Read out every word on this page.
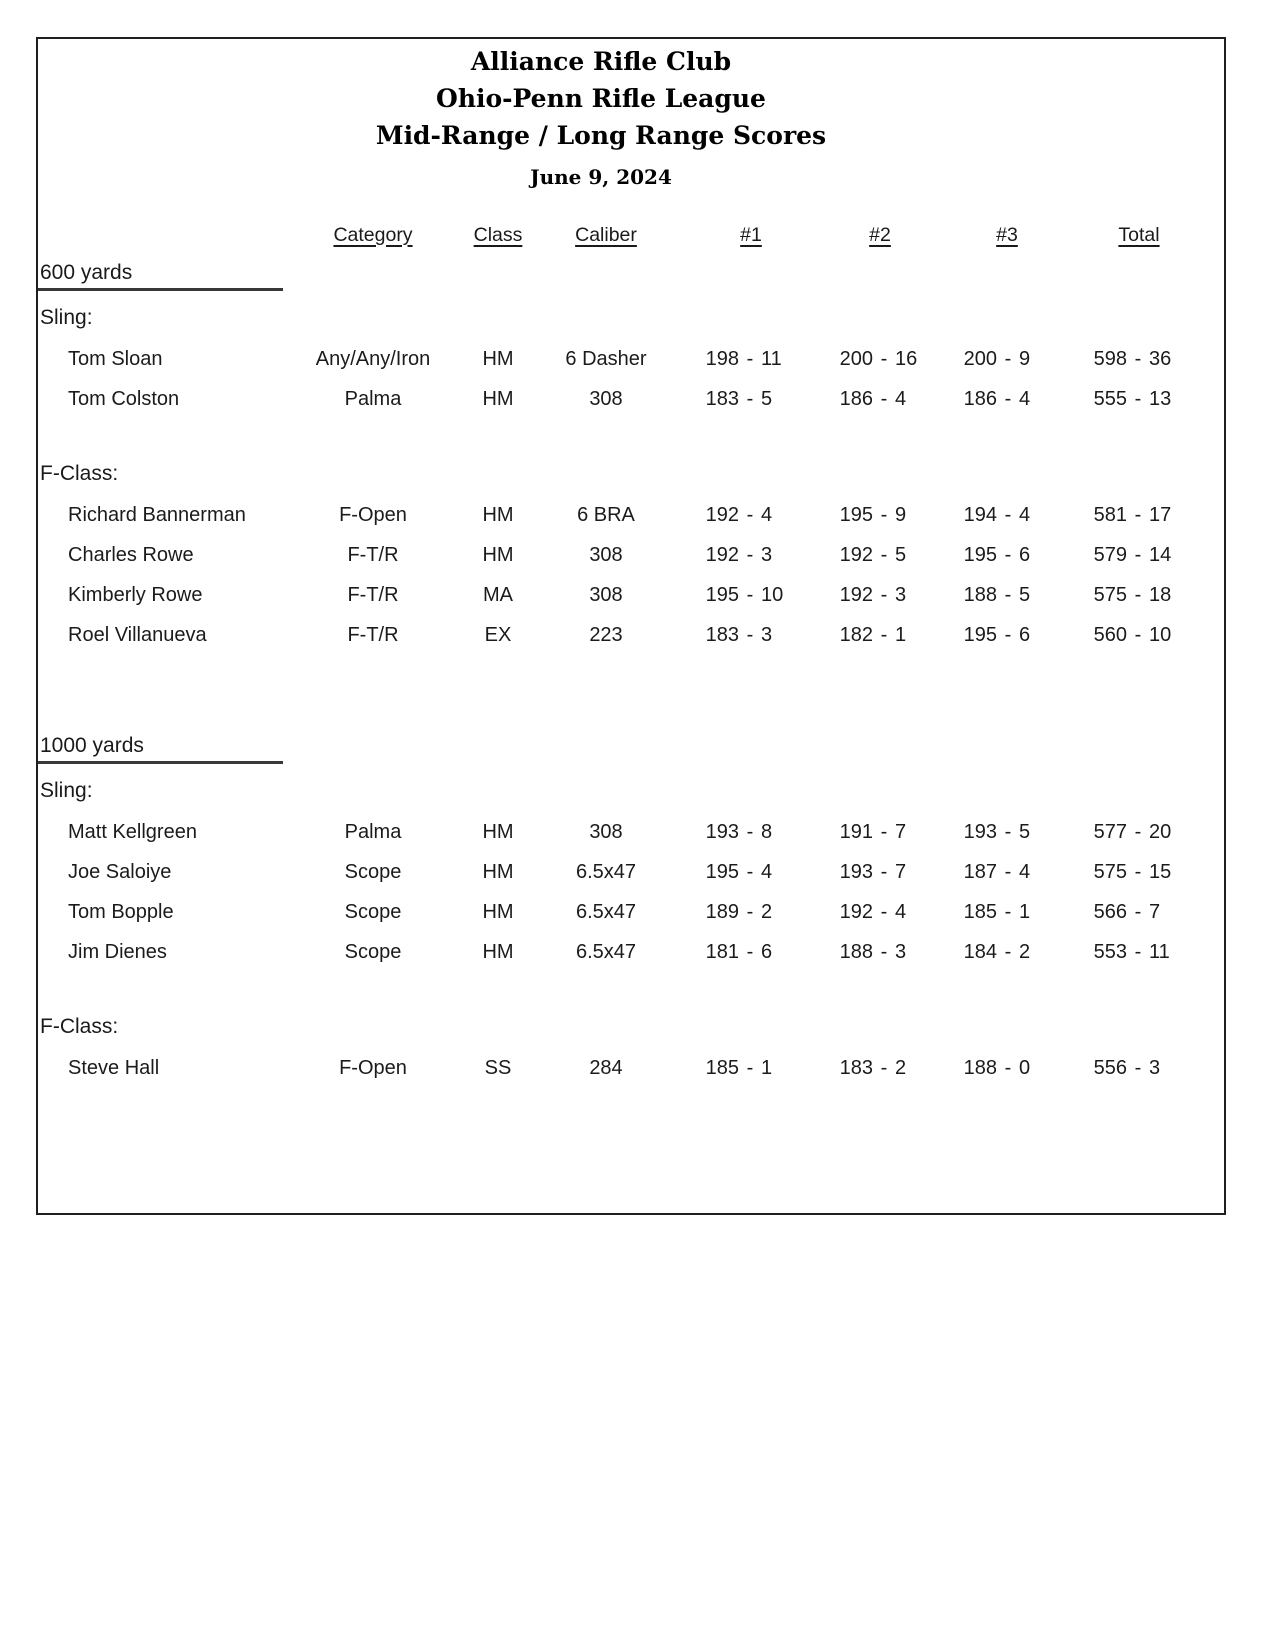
Alliance Rifle Club
Ohio-Penn Rifle League
Mid-Range / Long Range Scores
June 9, 2024
Category	Class	Caliber	#1	#2	#3	Total
600 yards
Sling:
Tom Sloan	Any/Any/Iron	HM	6 Dasher	198 - 11	200 - 16	200 - 9	598 - 36
Tom Colston	Palma	HM	308	183 - 5	186 - 4	186 - 4	555 - 13
F-Class:
Richard Bannerman	F-Open	HM	6 BRA	192 - 4	195 - 9	194 - 4	581 - 17
Charles Rowe	F-T/R	HM	308	192 - 3	192 - 5	195 - 6	579 - 14
Kimberly Rowe	F-T/R	MA	308	195 - 10	192 - 3	188 - 5	575 - 18
Roel Villanueva	F-T/R	EX	223	183 - 3	182 - 1	195 - 6	560 - 10
1000 yards
Sling:
Matt Kellgreen	Palma	HM	308	193 - 8	191 - 7	193 - 5	577 - 20
Joe Saloiye	Scope	HM	6.5x47	195 - 4	193 - 7	187 - 4	575 - 15
Tom Bopple	Scope	HM	6.5x47	189 - 2	192 - 4	185 - 1	566 - 7
Jim Dienes	Scope	HM	6.5x47	181 - 6	188 - 3	184 - 2	553 - 11
F-Class:
Steve Hall	F-Open	SS	284	185 - 1	183 - 2	188 - 0	556 - 3
